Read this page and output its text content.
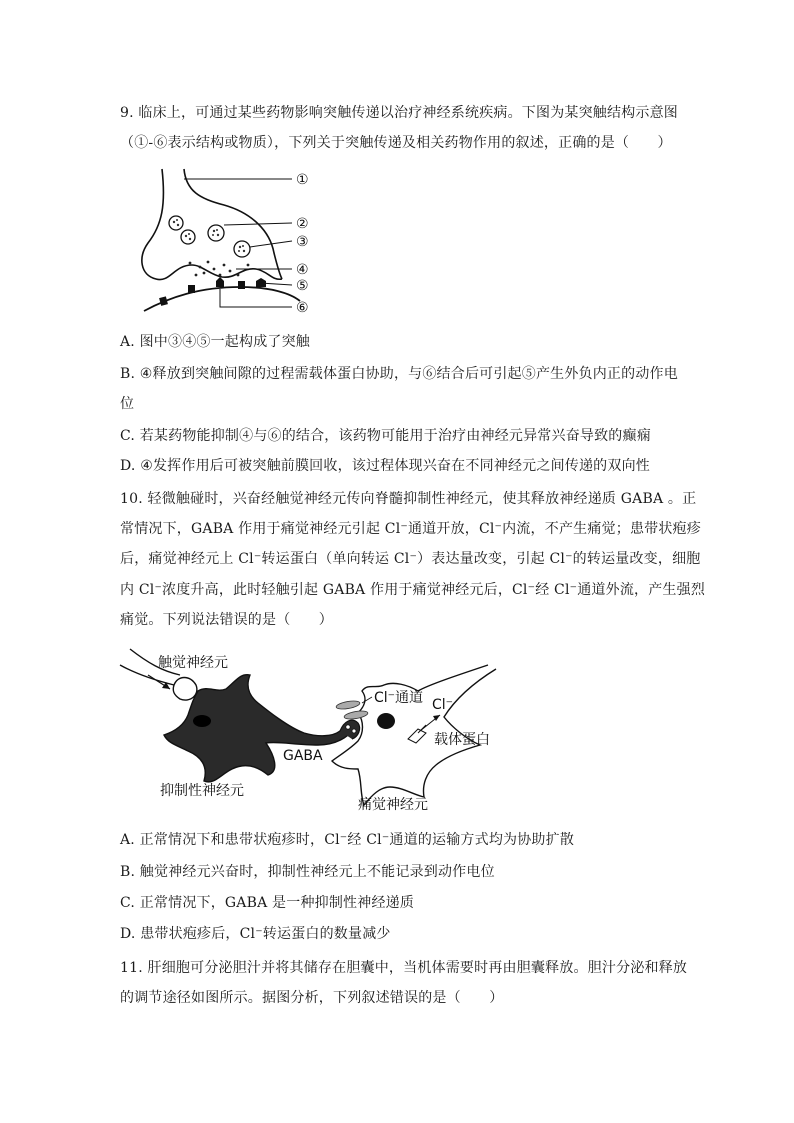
9. 临床上，可通过某些药物影响突触传递以治疗神经系统疾病。下图为某突触结构示意图
（①-⑥表示结构或物质），下列关于突触传递及相关药物作用的叙述，正确的是（　　）
①
②
③
④
⑤
⑥
A. 图中③④⑤一起构成了突触
B. ④释放到突触间隙的过程需载体蛋白协助，与⑥结合后可引起⑤产生外负内正的动作电
位
C. 若某药物能抑制④与⑥的结合，该药物可能用于治疗由神经元异常兴奋导致的癫痫
D. ④发挥作用后可被突触前膜回收，该过程体现兴奋在不同神经元之间传递的双向性
10. 轻微触碰时，兴奋经触觉神经元传向脊髓抑制性神经元，使其释放神经递质 GABA 。正
常情况下，GABA 作用于痛觉神经元引起 Cl⁻通道开放，Cl⁻内流，不产生痛觉；患带状疱疹
后，痛觉神经元上 Cl⁻转运蛋白（单向转运 Cl⁻）表达量改变，引起 Cl⁻的转运量改变，细胞
内 Cl⁻浓度升高，此时轻触引起 GABA 作用于痛觉神经元后，Cl⁻经 Cl⁻通道外流，产生强烈
痛觉。下列说法错误的是（　　）
触觉神经元
Cl⁻通道 Cl⁻
载体蛋白
GABA
抑制性神经元
痛觉神经元
A. 正常情况下和患带状疱疹时，Cl⁻经 Cl⁻通道的运输方式均为协助扩散
B. 触觉神经元兴奋时，抑制性神经元上不能记录到动作电位
C. 正常情况下，GABA 是一种抑制性神经递质
D. 患带状疱疹后，Cl⁻转运蛋白的数量减少
11. 肝细胞可分泌胆汁并将其储存在胆囊中，当机体需要时再由胆囊释放。胆汁分泌和释放
的调节途径如图所示。据图分析，下列叙述错误的是（　　）
